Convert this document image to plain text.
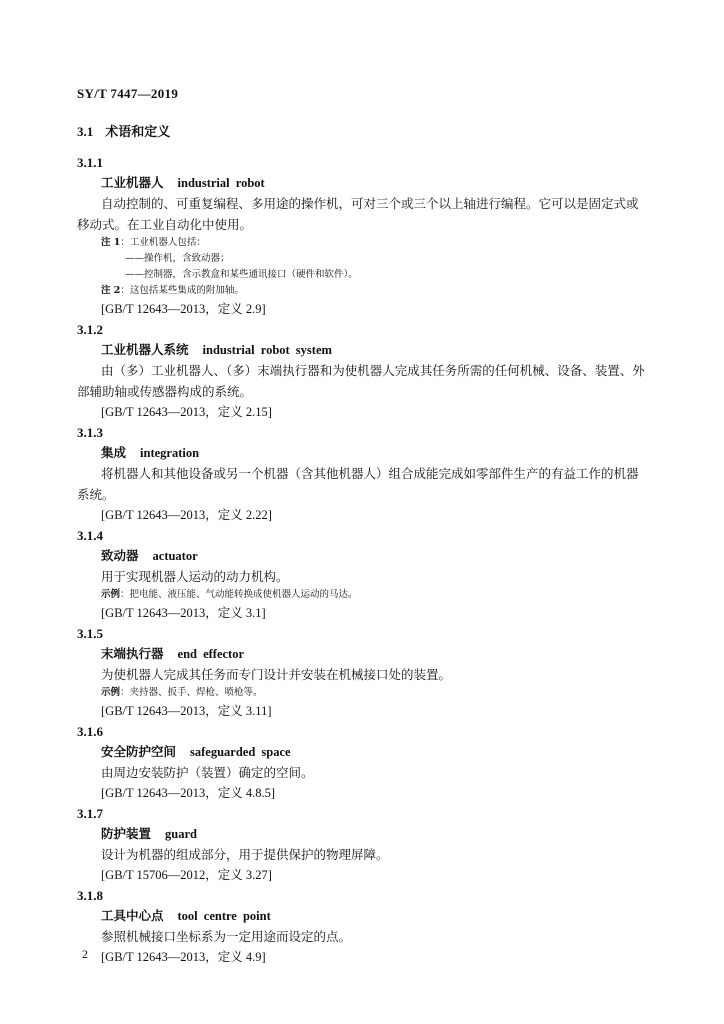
SY/T 7447—2019
3.1 术语和定义
3.1.1
工业机器人 industrial robot

自动控制的、可重复编程、多用途的操作机，可对三个或三个以上轴进行编程。它可以是固定式或移动式。在工业自动化中使用。

注 1：工业机器人包括：
——操作机，含致动器；
——控制器，含示教盒和某些通讯接口（硬件和软件）。
注 2：这包括某些集成的附加轴。
[GB/T 12643—2013，定义 2.9]
3.1.2
工业机器人系统 industrial robot system

由（多）工业机器人、（多）末端执行器和为使机器人完成其任务所需的任何机械、设备、装置、外部辅助轴或传感器构成的系统。

[GB/T 12643—2013，定义 2.15]
3.1.3
集成 integration

将机器人和其他设备或另一个机器（含其他机器人）组合成能完成如零部件生产的有益工作的机器系统。

[GB/T 12643—2013，定义 2.22]
3.1.4
致动器 actuator

用于实现机器人运动的动力机构。

示例：把电能、液压能、气动能转换成使机器人运动的马达。
[GB/T 12643—2013，定义 3.1]
3.1.5
末端执行器 end effector

为使机器人完成其任务而专门设计并安装在机械接口处的装置。

示例：夹持器、扳手、焊枪、喷枪等。
[GB/T 12643—2013，定义 3.11]
3.1.6
安全防护空间 safeguarded space

由周边安装防护（装置）确定的空间。

[GB/T 12643—2013，定义 4.8.5]
3.1.7
防护装置 guard

设计为机器的组成部分，用于提供保护的物理屏障。

[GB/T 15706—2012，定义 3.27]
3.1.8
工具中心点 tool centre point

参照机械接口坐标系为一定用途而设定的点。

[GB/T 12643—2013，定义 4.9]
2
